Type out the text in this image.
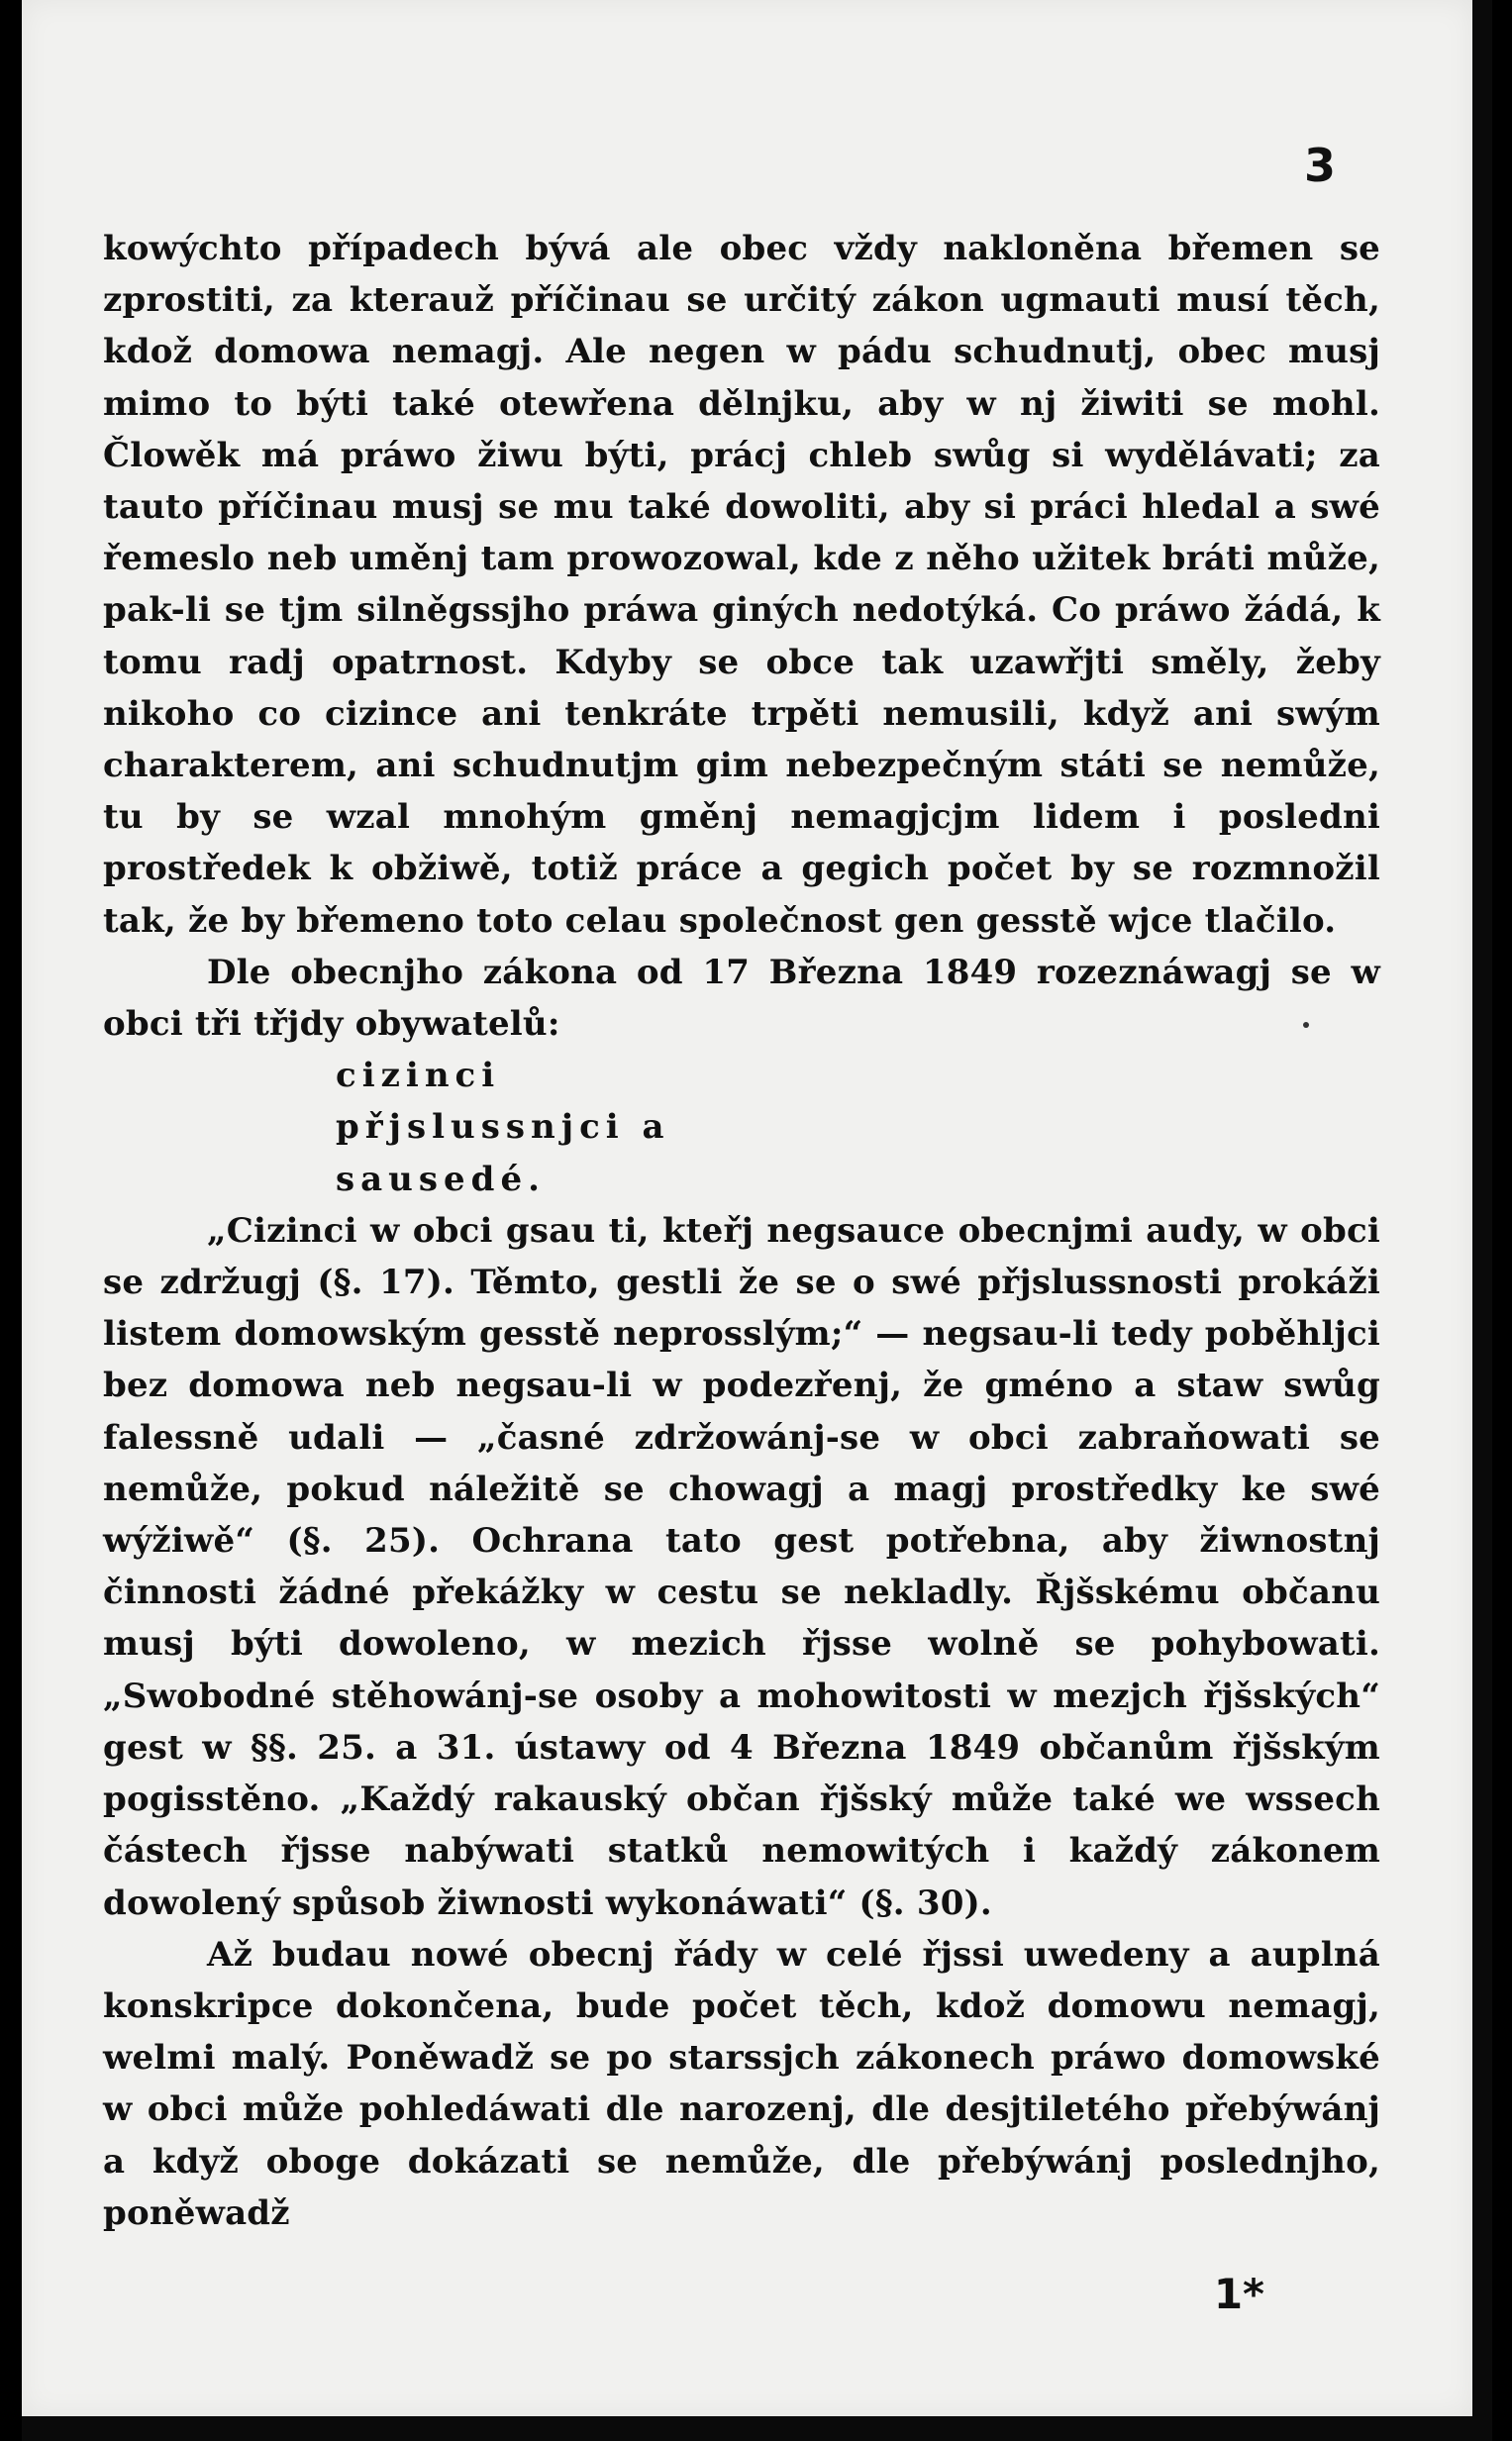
3

kowýchto případech bývá ale obec vždy nakloněna břemen se zprostiti, za kterauž příčinau se určitý zákon ugmauti musí těch, kdož domowa nemagj. Ale negen w pádu schudnutj, obec musj mimo to býti také otewřena dělnjku, aby w nj žiwiti se mohl. Člowěk má práwo žiwu býti, prácj chleb swůg si wydělávati; za tauto příčinau musj se mu také dowoliti, aby si práci hledal a swé řemeslo neb uměnj tam prowozowal, kde z něho užitek bráti může, pak-li se tjm silněgssjho práwa giných nedotýká. Co práwo žádá, k tomu radj opatrnost. Kdyby se obce tak uzawřjti směly, žeby nikoho co cizince ani tenkráte trpěti nemusili, když ani swým charakterem, ani schudnutjm gim nebezpečným státi se nemůže, tu by se wzal mnohým gměnj nemagjcjm lidem i posledni prostředek k obžiwě, totiž práce a gegich počet by se rozmnožil tak, že by břemeno toto celau společnost gen gesstě wjce tlačilo.

Dle obecnjho zákona od 17 Března 1849 rozeznáwagj se w obci tři třjdy obywatelů:

cizinci

přjslussnjci a

sausedé.

„Cizinci w obci gsau ti, kteřj negsauce obecnjmi audy, w obci se zdržugj (§. 17). Těmto, gestli že se o swé přjslussnosti prokáži listem domowským gesstě neprosslým;“ — negsau-li tedy poběhljci bez domowa neb negsau-li w podezřenj, že gméno a staw swůg falessně udali — „časné zdržowánj-se w obci zabraňowati se nemůže, pokud náležitě se chowagj a magj prostředky ke swé wýžiwě“ (§. 25). Ochrana tato gest potřebna, aby žiwnostnj činnosti žádné překážky w cestu se nekladly. Řjšskému občanu musj býti dowoleno, w mezich řjsse wolně se pohybowati. „Swobodné stěhowánj-se osoby a mohowitosti w mezjch řjšských“ gest w §§. 25. a 31. ústawy od 4 Března 1849 občanům řjšským pogisstěno. „Každý rakauský občan řjšský může také we wssech částech řjsse nabýwati statků nemowitých i každý zákonem dowolený spůsob žiwnosti wykonáwati“ (§. 30).

Až budau nowé obecnj řády w celé řjssi uwedeny a auplná konskripce dokončena, bude počet těch, kdož domowu nemagj, welmi malý. Poněwadž se po starssjch zákonech práwo domowské w obci může pohledáwati dle narozenj, dle desjtiletého přebýwánj a když oboge dokázati se nemůže, dle přebýwánj poslednjho, poněwadž

1*
